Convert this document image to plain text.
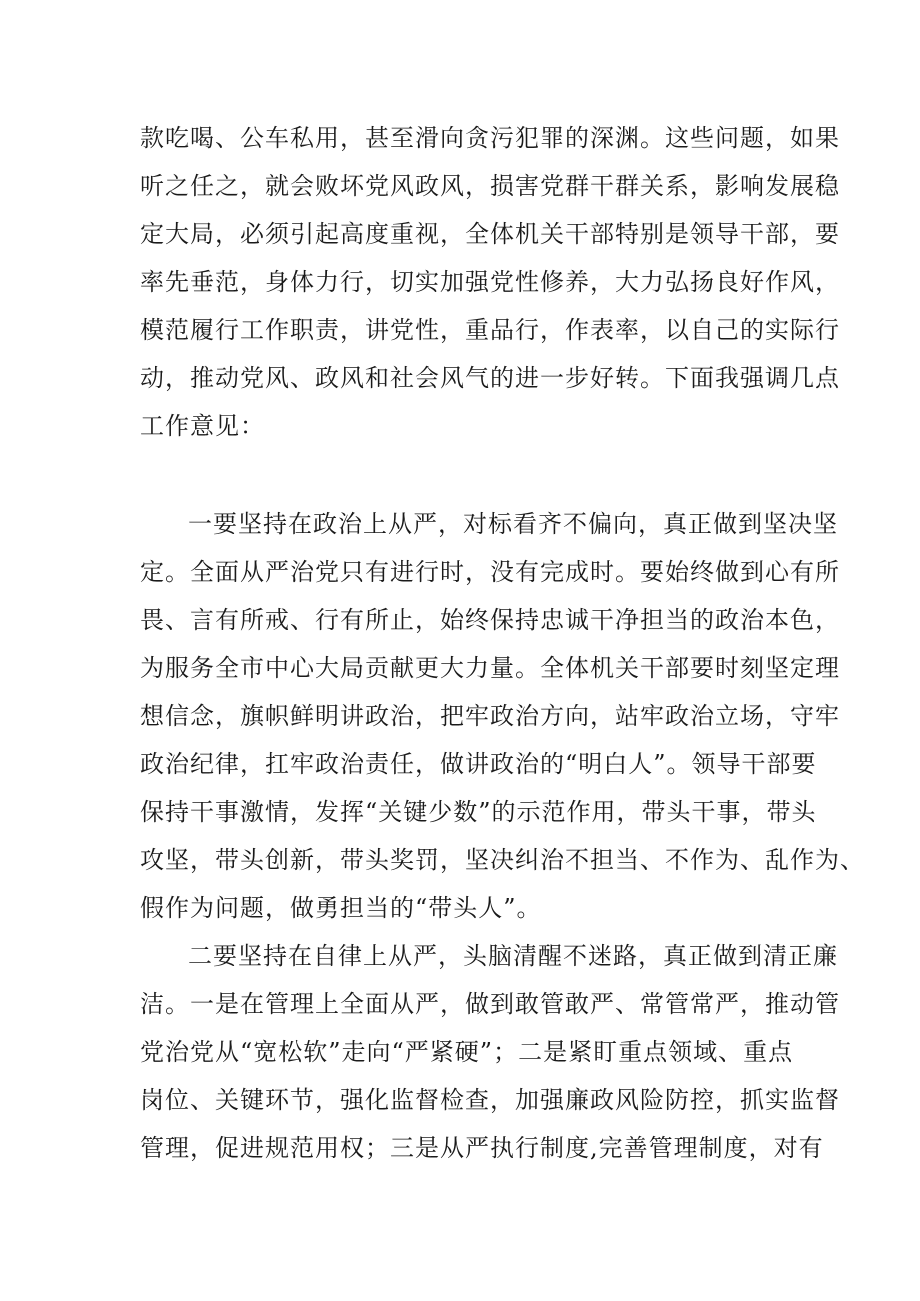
款吃喝、公车私用，甚至滑向贪污犯罪的深渊。这些问题，如果
听之任之，就会败坏党风政风，损害党群干群关系，影响发展稳
定大局，必须引起高度重视，全体机关干部特别是领导干部，要
率先垂范，身体力行，切实加强党性修养，大力弘扬良好作风，
模范履行工作职责，讲党性，重品行，作表率，以自己的实际行
动，推动党风、政风和社会风气的进一步好转。下面我强调几点
工作意见：
一要坚持在政治上从严，对标看齐不偏向，真正做到坚决坚
定。全面从严治党只有进行时，没有完成时。要始终做到心有所
畏、言有所戒、行有所止，始终保持忠诚干净担当的政治本色，
为服务全市中心大局贡献更大力量。全体机关干部要时刻坚定理
想信念，旗帜鲜明讲政治，把牢政治方向，站牢政治立场，守牢
政治纪律，扛牢政治责任，做讲政治的“明白人”。领导干部要
保持干事激情，发挥“关键少数”的示范作用，带头干事，带头
攻坚，带头创新，带头奖罚，坚决纠治不担当、不作为、乱作为、
假作为问题，做勇担当的“带头人”。
二要坚持在自律上从严，头脑清醒不迷路，真正做到清正廉
洁。一是在管理上全面从严，做到敢管敢严、常管常严，推动管
党治党从“宽松软”走向“严紧硬”；二是紧盯重点领域、重点
岗位、关键环节，强化监督检查，加强廉政风险防控，抓实监督
管理，促进规范用权；三是从严执行制度,完善管理制度，对有
